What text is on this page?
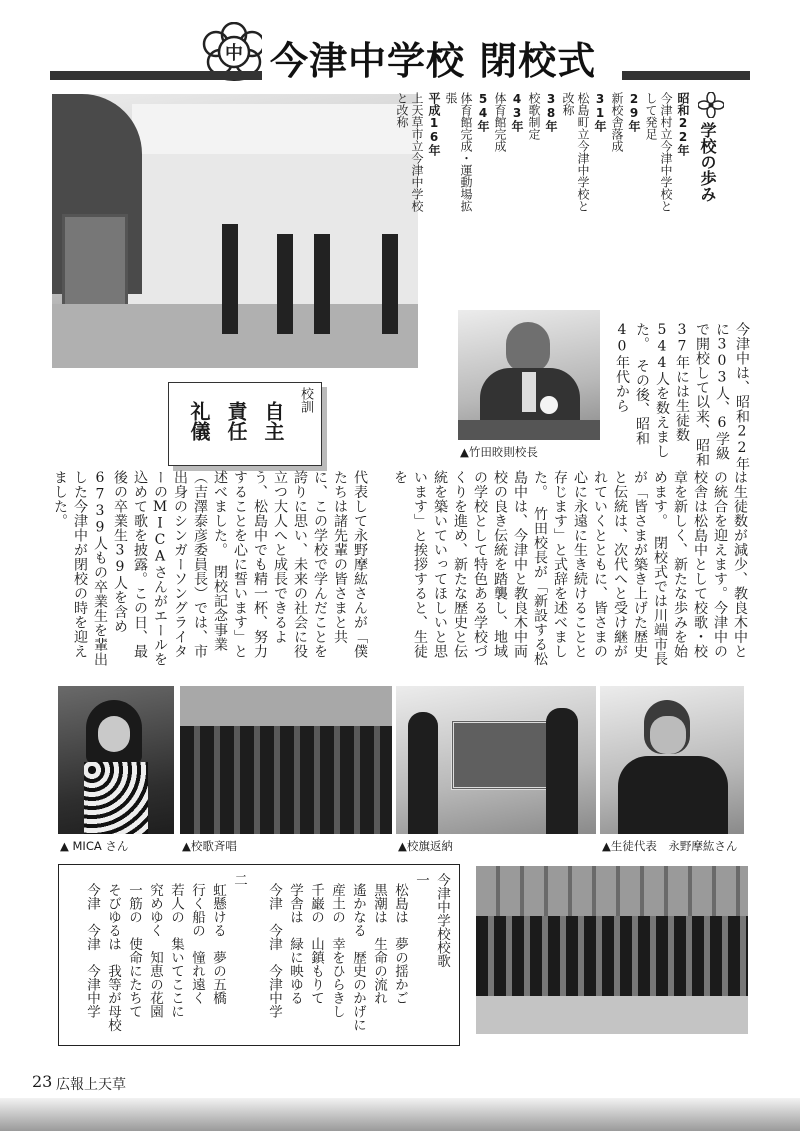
中 今津中学校 閉校式
学校の歩み
昭和22年
今津村立今津中学校として発足
29年
新校舎落成
31年
松島町立今津中学校と改称
38年
校歌制定
43年
体育館完成
54年
体育館完成・運動場拡張
平成16年
上天草市立今津中学校と改称

今津中は、昭和22年に303人、6学級で開校して以来、昭和37年には生徒数544人を数えました。　その後、昭和40年代から

▲竹田晈則校長
校訓
自主
責任
礼儀

は生徒数が減少、教良木中との統合を迎えます。今津中の校舎は松島中として校歌・校章を新しく、新たな歩みを始めます。　閉校式では川端市長が「皆さまが築き上げた歴史と伝統は、次代へと受け継がれていくとともに、皆さまの心に永遠に生き続けることと存じます」と式辞を述べました。　竹田校長が「新設する松島中は、今津中と教良木中両校の良き伝統を踏襲し、地域の学校として特色ある学校づくりを進め、新たな歴史と伝統を築いていってほしいと思います」と挨拶すると、生徒を

代表して永野摩紘さんが「僕たちは諸先輩の皆さまと共に、この学校で学んだことを誇りに思い、未来の社会に役立つ大人へと成長できるよう、松島中でも精一杯、努力することを心に誓います」と述べました。　閉校記念事業（吉澤泰彦委員長）では、市出身のシンガーソングライターのMICAさんがエールを込めて歌を披露。この日、最後の卒業生39人を含め6739人もの卒業生を輩出した今津中が閉校の時を迎えました。

▲ MICA さん	▲校歌斉唱	▲校旗返納	▲生徒代表　永野摩紘さん
今津中学校校歌
一
松島は　夢の揺かご
黒潮は　生命の流れ
遙かなる　歴史のかげに
産土の　幸をひらきし
千巌の　山鎮もりて
学舎は　緑に映ゆる
今津　今津　今津中学
二
虹懸ける　夢の五橋
行く船の　憧れ遠く
若人の　集いてここに
究めゆく　知恵の花園
一筋の　使命にたちて
そびゆるは　我等が母校
今津　今津　今津中学
23 広報上天草
